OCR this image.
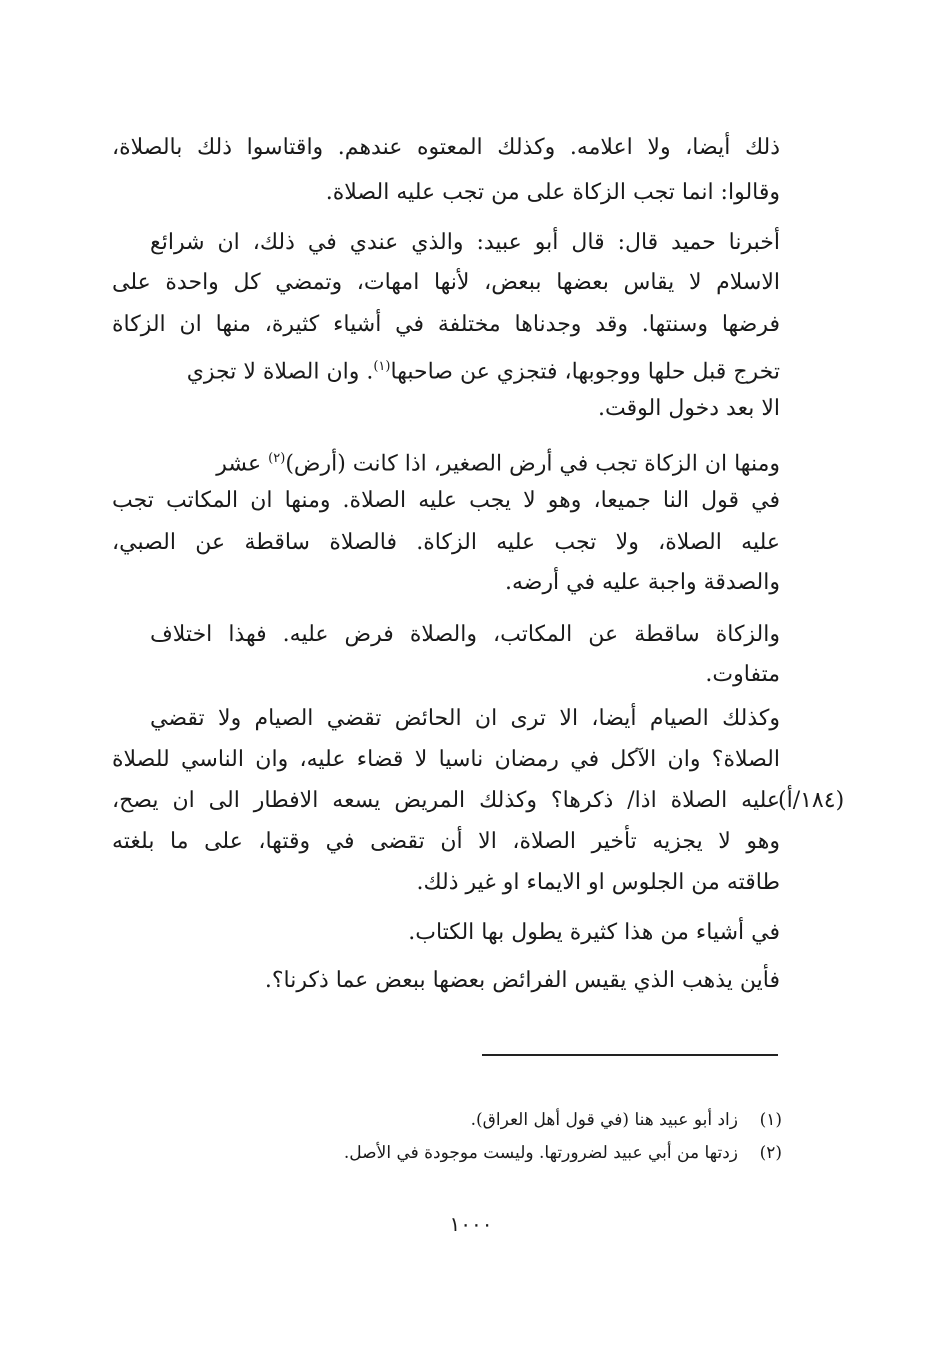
ذلك أيضا، ولا اعلامه. وكذلك المعتوه عندهم. واقتاسوا ذلك بالصلاة،
وقالوا: انما تجب الزكاة على من تجب عليه الصلاة.
أخبرنا حميد قال: قال أبو عبيد: والذي عندي في ذلك، ان شرائع
الاسلام لا يقاس بعضها ببعض، لأنها امهات، وتمضي كل واحدة على
فرضها وسنتها. وقد وجدناها مختلفة في أشياء كثيرة، منها ان الزكاة
تخرج قبل حلها ووجوبها، فتجزي عن صاحبها$^{(١)}$. وان الصلاة لا تجزي
الا بعد دخول الوقت.
ومنها ان الزكاة تجب في أرض الصغير، اذا كانت (أرض)$^{(٢)}$ عشر
في قول النا جميعا، وهو لا يجب عليه الصلاة. ومنها ان المكاتب تجب
عليه الصلاة، ولا تجب عليه الزكاة. فالصلاة ساقطة عن الصبي،
والصدقة واجبة عليه في أرضه.
والزكاة ساقطة عن المكاتب، والصلاة فرض عليه. فهذا اختلاف
متفاوت.
وكذلك الصيام أيضا، الا ترى ان الحائض تقضي الصيام ولا تقضي
الصلاة؟ وان الآكل في رمضان ناسيا لا قضاء عليه، وان الناسي للصلاة
عليه الصلاة اذا/ ذكرها؟ وكذلك المريض يسعه الافطار الى ان يصح،
وهو لا يجزيه تأخير الصلاة، الا أن تقضى في وقتها، على ما بلغته
طاقته من الجلوس او الايماء او غير ذلك.
(١٨٤/أ)
في أشياء من هذا كثيرة يطول بها الكتاب.
فأين يذهب الذي يقيس الفرائض بعضها ببعض عما ذكرنا؟.
(١)زاد أبو عبيد هنا (في قول أهل العراق).
(٢)زدتها من أبي عبيد لضرورتها. وليست موجودة في الأصل.
١٠٠٠
